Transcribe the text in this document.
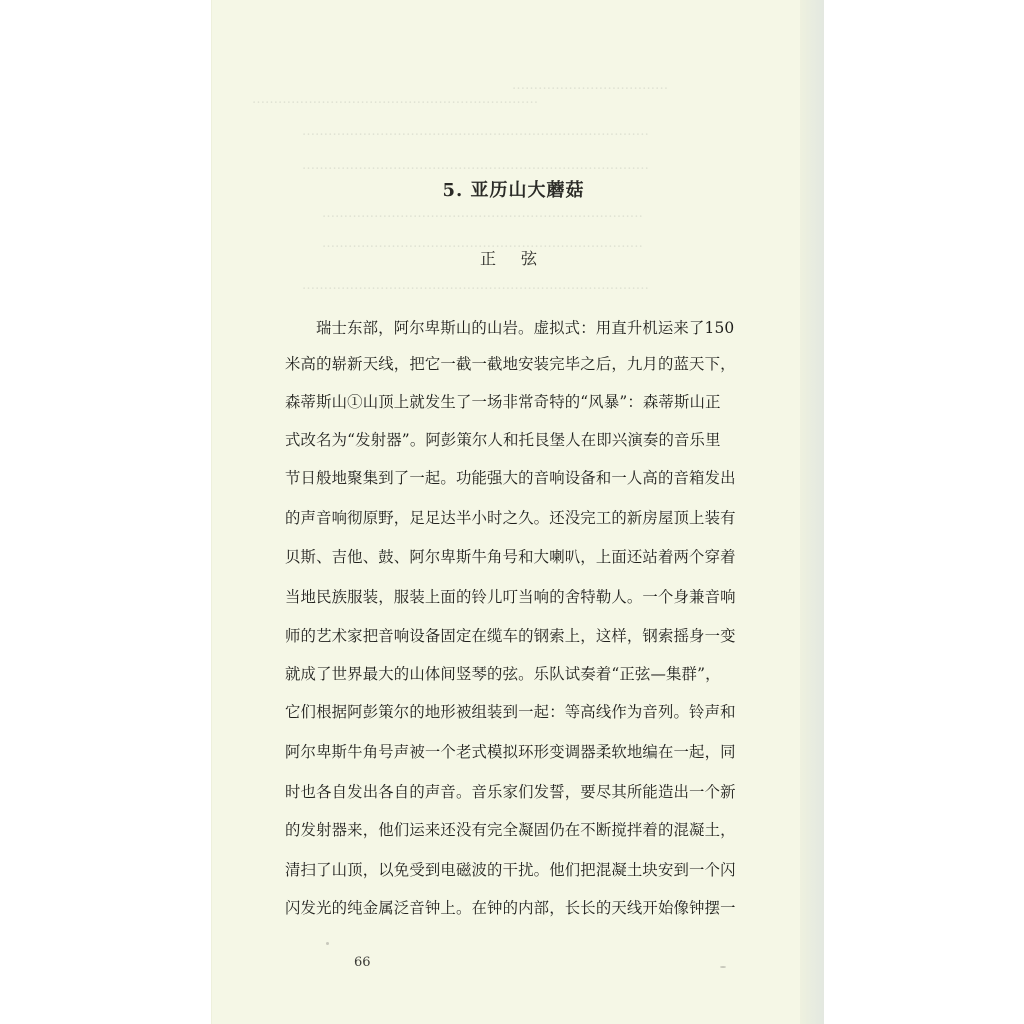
⠀‥‥‥‥‥‥‥‥‥‥‥‥‥‥‥‥‥‥
‥‥‥‥‥‥‥‥‥‥‥‥‥‥‥‥‥‥‥‥‥‥‥‥‥‥‥‥‥‥‥‥‥
‥‥‥‥‥‥‥‥‥‥‥‥‥‥‥‥‥‥‥‥‥‥‥‥‥‥‥‥‥‥‥‥‥‥‥‥‥‥‥‥
‥‥‥‥‥‥‥‥‥‥‥‥‥‥‥‥‥‥‥‥‥‥‥‥‥‥‥‥‥‥‥‥‥‥‥‥‥‥‥‥
‥‥‥‥‥‥‥‥‥‥‥‥‥‥‥‥‥‥‥‥‥‥‥‥‥‥‥‥‥‥‥‥‥‥‥‥‥
‥‥‥‥‥‥‥‥‥‥‥‥‥‥‥‥‥‥‥‥‥‥‥‥‥‥‥‥‥‥‥‥‥‥‥‥‥
‥‥‥‥‥‥‥‥‥‥‥‥‥‥‥‥‥‥‥‥‥‥‥‥‥‥‥‥‥‥‥‥‥‥‥‥‥‥‥‥
5. 亚历山大蘑菇
正 弦
瑞士东部，阿尔卑斯山的山岩。虚拟式：用直升机运来了150
米高的崭新天线，把它一截一截地安装完毕之后，九月的蓝天下，
森蒂斯山①山顶上就发生了一场非常奇特的“风暴”：森蒂斯山正
式改名为“发射器”。阿彭策尔人和托艮堡人在即兴演奏的音乐里
节日般地聚集到了一起。功能强大的音响设备和一人高的音箱发出
的声音响彻原野，足足达半小时之久。还没完工的新房屋顶上装有
贝斯、吉他、鼓、阿尔卑斯牛角号和大喇叭，上面还站着两个穿着
当地民族服装，服装上面的铃儿叮当响的舍特勒人。一个身兼音响
师的艺术家把音响设备固定在缆车的钢索上，这样，钢索摇身一变
就成了世界最大的山体间竖琴的弦。乐队试奏着“正弦—集群”，
它们根据阿彭策尔的地形被组装到一起：等高线作为音列。铃声和
阿尔卑斯牛角号声被一个老式模拟环形变调器柔软地编在一起，同
时也各自发出各自的声音。音乐家们发誓，要尽其所能造出一个新
的发射器来，他们运来还没有完全凝固仍在不断搅拌着的混凝土，
清扫了山顶，以免受到电磁波的干扰。他们把混凝土块安到一个闪
闪发光的纯金属泛音钟上。在钟的内部，长长的天线开始像钟摆一
66
